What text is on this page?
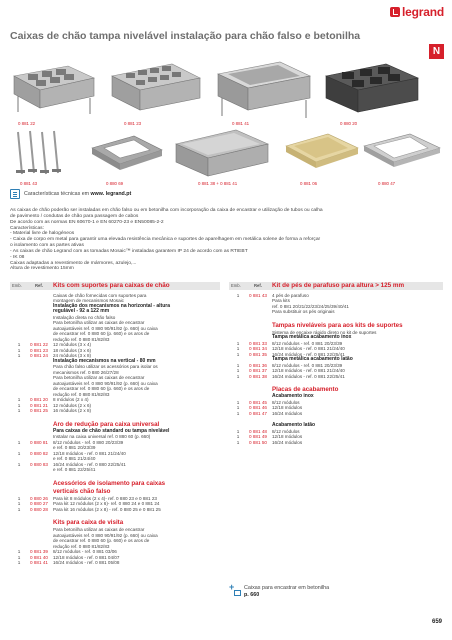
legrand
Caixas de chão tampa nivelável instalação para chão falso e betonilha
N
0 881 22	0 881 23	0 881 41	0 880 20
0 881 43	0 880 69	0 881 38 + 0 881 41	0 881 06	0 880 47
Características técnicas em www. legrand.pt
As caixas de chão poderão ser instaladas em chão falso ou em betonilha com incorporação da caixa de encastrar e utilização de tubos ou calha
de pavimento / condutas de chão para passagem de cabos
De acordo com as normas EN 60670-1 e EN 60270-23 e EN50085-2-2
Características:
- Material livre de halogéneos
- Caixa de corpo em metal para garantir uma elevada resistência mecânica e suportes de aparelhagem em metálica solene de forma a reforçar
o isolamento com as partes ativas
- As caixas de chão Legrand com as tomadas Mosaic™ instaladas garantem IP 24 de acordo com as RTIEBT
- IK 08
Caixas adaptadas a revestimento de mármores, azulejo,...
Altura de revestimento 15mm
Emb.	Ref.	Kits com suportes para caixas de chão
Caixas de chão fornecidas com suportes para
montagem de mecanismos Mosaic
Instalação dos mecanismos na horizontal - altura
regulável - 92 a 122 mm
Instalação direta no chão falso
Para betonilha utilizar as caixas de encastrar
autoajustáveis ref. 0 880 90/91/92 (p. 660) ou caixa
de encastrar ref. 0 880 60 (p. 660) e os aros de
redução ref. 0 880 81/82/83
1	0 881 22	12 módulos (3 x 4)
1	0 881 23	18 módulos (3 x 6)
1	0 881 24	24 módulos (3 x 8)
Instalação mecanismos na vertical - 80 mm
Para chão falso utilizar os acessórios para isolar os
mecanismos ref. 0 880 26/27/28
Para betonilha utilizar as caixas de encastrar
autoajustáveis ref. 0 880 90/91/92 (p. 660) ou caixa
de encastrar ref. 0 880 60 (p. 660) e os aros de
redução ref. 0 880 81/82/83
1	0 881 20	8 módulos (2 x 4)
1	0 881 21	12 módulos (2 x 6)
1	0 881 25	16 módulos (2 x 8)
Aro de redução para caixa universal
Para caixas de chão standard ou tampa nivelável
Instalar na caixa universal ref. 0 880 60 (p. 660)
1	0 880 81	8/12 módulos - ref. 0 880 20/23/39
e ref. 0 881 20/23/39
1	0 880 82	12/18 módulos - ref. 0 881 21/24/40
e ref. 0 881 21/24/40
1	0 880 83	16/24 módulos - ref. 0 880 22/25/41
e ref. 0 881 22/25/41
Acessórios de isolamento para caixas
verticais chão falso
1	0 880 26	Para kit 8 módulos (2 x 4)- ref. 0 880 23 e 0 881 23
1	0 880 27	Para kit 12 módulos (2 x 6)- ref. 0 880 24 e 0 881 24
1	0 880 28	Para kit 16 módulos (2 x 8) - ref. 0 880 25 e 0 881 25
Kits para caixa de visita
Para betonilha utilizar as caixas de encastrar
autoajustáveis ref. 0 880 90/91/92 (p. 660) ou caixa
de encastrar ref. 0 880 60 (p. 660) e os aros de
redução ref. 0 880 81/82/83
1	0 881 39	8/12 módulos - ref. 0 881 03/06
1	0 881 40	12/18 módulos - ref. 0 881 04/07
1	0 881 41	16/24 módulos - ref. 0 881 05/08
Emb.	Ref.	Kit de pés de parafuso para altura > 125 mm
1	0 881 43	4 pés de parafuso
Para kits
ref. 0 881 20/21/22/23/24/25/39/40/41
Para substituir os pés originais
Tampas niveláveis para aos kits de suportes
Sistema de encaixe rápido direto no kit de suportes
Tampa metálica acabamento inox
1	0 881 33	8/12 módulos - ref. 0 881 20/23/39
1	0 881 34	12/18 módulos - ref. 0 881 21/24/40
1	0 881 35	16/24 módulos - ref. 0 881 22/25/41
Tampa metálica acabamento latão
1	0 881 36	8/12 módulos - ref. 0 881 20/23/39
1	0 881 37	12/18 módulos - ref. 0 881 21/24/40
1	0 881 38	16/24 módulos - ref. 0 881 22/25/41
Placas de acabamento
Acabamento inox
1	0 881 45	8/12 módulos
1	0 881 46	12/18 módulos
1	0 881 47	16/24 módulos
Acabamento latão
1	0 881 48	8/12 módulos
1	0 881 49	12/18 módulos
1	0 881 50	16/24 módulos
+
Caixas para encastrar em betonilha
p. 660
659
